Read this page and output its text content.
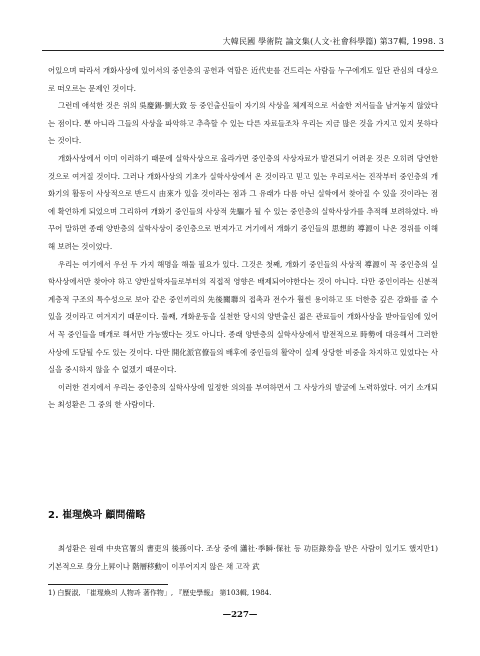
大韓民國 學術院 論文集(人文·社會科學篇) 第37輯, 1998. 3

어있으며 따라서 개화사상에 있어서의 중인층의 공헌과 역할은 近代史를 건드리는 사람들 누구에게도 일단 관심의 대상으로 떠오르는 문제인 것이다.

그런데 애석한 것은 위의 吳慶錫·劉大致 등 중인출신들이 자기의 사상을 체계적으로 서술한 저서들을 남겨놓지 않았다는 점이다. 뿐 아니라 그들의 사상을 파악하고 추측할 수 있는 다른 자료들조차 우리는 지금 많은 것을 가지고 있지 못하다는 것이다.

개화사상에서 이미 이러하기 때문에 실학사상으로 올라가면 중인층의 사상자료가 발견되기 어려운 것은 오히려 당연한 것으로 여겨질 것이다. 그러나 개화사상의 기초가 실학사상에서 온 것이라고 믿고 있는 우리로서는 진작부터 중인층의 개화기의 활동이 사상적으로 반드시 由來가 있을 것이라는 점과 그 유래가 다름 아닌 실학에서 찾아질 수 있을 것이라는 점에 확언하게 되었으며 그리하여 개화기 중인들의 사상적 先驅가 될 수 있는 중인층의 실학사상가를 추적해 보려하였다. 바꾸어 말하면 종래 양반층의 실학사상이 중인층으로 번져가고 거기에서 개화기 중인들의 思想的 導源이 나온 경위를 이해해 보려는 것이었다.

우리는 여기에서 우선 두 가지 해명을 해둘 필요가 있다. 그것은 첫째, 개화기 중인들의 사상적 導源이 꼭 중인층의 실학사상에서만 찾아야 하고 양반실학자들로부터의 직접적 영향은 배제되어야한다는 것이 아니다. 다만 중인이라는 신분적 계층적 구조의 특수성으로 보아 같은 중인끼리의 先後關聯의 접촉과 전수가 훨씬 용이하고 또 더한층 깊은 감화를 줄 수 있을 것이라고 여겨지기 때문이다. 둘째, 개화운동을 실천한 당시의 양반출신 젊은 관료들이 개화사상을 받아들임에 있어서 꼭 중인들을 매개로 해서만 가능했다는 것도 아니다. 종래 양반층의 실학사상에서 발전적으로 時勢에 대응해서 그러한 사상에 도달될 수도 있는 것이다. 다만 開化派官僚들의 배후에 중인들의 활약이 실제 상당한 비중을 차지하고 있었다는 사실을 중시하지 않을 수 없겠기 때문이다.

이러한 견지에서 우리는 중인층의 실학사상에 일정한 의의를 부여하면서 그 사상가의 발굴에 노력하였다. 여기 소개되는 최성환은 그 중의 한 사람이다.

2. 崔瑆煥과 顧問備略

최성환은 원래 中央官署의 書吏의 後孫이다. 조상 중에 瀟社·季瞬·保社 등 功臣錄券을 받은 사람이 있기도 했지만1) 기본적으로 身分上昇이나 階層移動이 이루어지지 않은 채 고작 武

1) 白賢淑, 「崔瑆煥의 人物과 著作物」, 『歷史學報』 第103輯, 1984.
—227—
